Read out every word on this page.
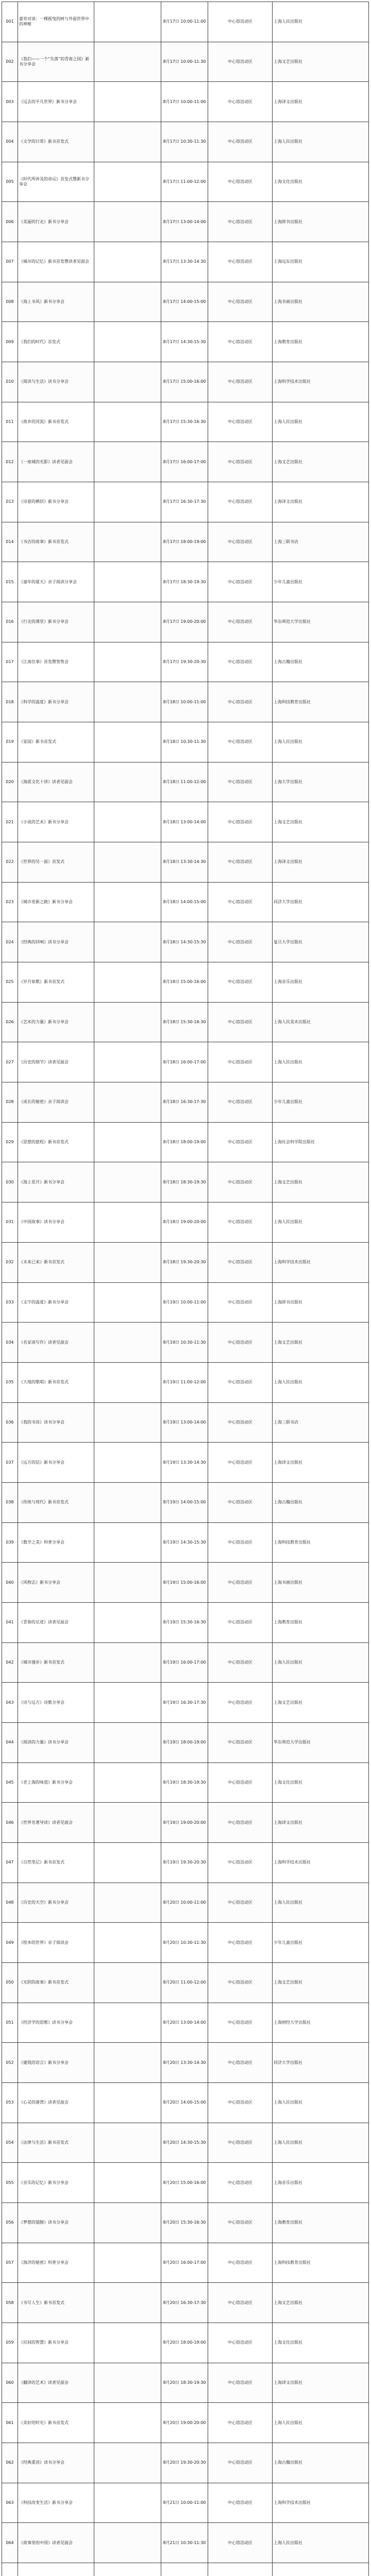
001	嘉宾对谈：一棵摇曳的树与外面世界中的神秘		8月17日 10:00-11:00	中心馆活动区	上海人民出版社
002	《我们——一个“失落”的青春之国》新书分享会		8月17日 10:00-11:30	中心馆活动区	上海文艺出版社
003	《远去的平凡世界》新书分享会		8月17日 10:00-11:00	中心馆活动区	上海译文出版社
004	《文学的日常》新书首发式		8月17日 10:30-11:30	中心馆活动区	上海人民出版社
005	《时代所涉及的命运》首发式暨新书分享会		8月17日 11:00-12:00	中心馆活动区	上海文化出版社
006	《美丽的行走》新书分享会		8月17日 13:00-14:00	中心馆活动区	上海辞书出版社
007	《城市的记忆》新书首发暨读者见面会		8月17日 13:30-14:30	中心馆活动区	上海远东出版社
008	《海上书风》新书分享会		8月17日 14:00-15:00	中心馆活动区	上海书画出版社
009	《我们的时代》首发式		8月17日 14:30-15:30	中心馆活动区	上海教育出版社
010	《阅读与生活》读书分享会		8月17日 15:00-16:00	中心馆活动区	上海科学技术出版社
011	《故乡的河流》新书首发式		8月17日 15:30-16:30	中心馆活动区	上海人民出版社
012	《一座城的光影》读者见面会		8月17日 16:00-17:00	中心馆活动区	上海文艺出版社
013	《诗意的栖居》新书分享会		8月17日 16:30-17:30	中心馆活动区	上海译文出版社
014	《书店的故事》新书首发式		8月17日 18:00-19:00	中心馆活动区	上海三联书店
015	《童年的夏天》亲子阅读分享会		8月17日 18:30-19:30	中心馆活动区	少年儿童出版社
016	《行走的课堂》新书分享会		8月17日 19:00-20:00	中心馆活动区	华东师范大学出版社
017	《江南往事》首发暨签售会		8月17日 19:30-20:30	中心馆活动区	上海古籍出版社
018	《科学的温度》新书分享会		8月18日 10:00-11:00	中心馆活动区	上海科技教育出版社
019	《家园》新书首发式		8月18日 10:30-11:30	中心馆活动区	上海人民出版社
020	《海派文化十讲》读者见面会		8月18日 11:00-12:00	中心馆活动区	上海大学出版社
021	《小说的艺术》新书分享会		8月18日 13:00-14:00	中心馆活动区	上海文艺出版社
022	《世界的另一面》首发式		8月18日 13:30-14:30	中心馆活动区	上海译文出版社
023	《城市更新之路》新书分享会		8月18日 14:00-15:00	中心馆活动区	同济大学出版社
024	《经典的回响》读书分享会		8月18日 14:30-15:30	中心馆活动区	复旦大学出版社
025	《岁月如歌》新书首发式		8月18日 15:00-16:00	中心馆活动区	上海音乐出版社
026	《艺术的力量》新书分享会		8月18日 15:30-16:30	中心馆活动区	上海人民美术出版社
027	《历史的细节》读者见面会		8月18日 16:00-17:00	中心馆活动区	上海人民出版社
028	《成长的秘密》亲子阅读会		8月18日 16:30-17:30	中心馆活动区	少年儿童出版社
029	《思想的旅程》新书首发式		8月18日 18:00-19:00	中心馆活动区	上海社会科学院出版社
030	《海上花开》新书分享会		8月18日 18:30-19:30	中心馆活动区	上海文艺出版社
031	《中国故事》读书分享会		8月18日 19:00-20:00	中心馆活动区	上海人民出版社
032	《未来已来》新书首发式		8月18日 19:30-20:30	中心馆活动区	上海科学技术出版社
033	《文字的温度》新书分享会		8月19日 10:00-11:00	中心馆活动区	上海辞书出版社
034	《名家谈写作》读者见面会		8月19日 10:30-11:30	中心馆活动区	上海文艺出版社
035	《大地的歌唱》新书首发式		8月19日 11:00-12:00	中心馆活动区	上海人民出版社
036	《我的书房》读书分享会		8月19日 13:00-14:00	中心馆活动区	上海三联书店
037	《远方的信》新书分享会		8月19日 13:30-14:30	中心馆活动区	上海译文出版社
038	《传统与现代》新书首发式		8月19日 14:00-15:00	中心馆活动区	上海古籍出版社
039	《数学之美》科普分享会		8月19日 14:30-15:30	中心馆活动区	上海科技教育出版社
040	《风物志》新书分享会		8月19日 15:00-16:00	中心馆活动区	上海书画出版社
041	《青春的足迹》读者见面会		8月19日 15:30-16:30	中心馆活动区	上海教育出版社
042	《城市漫步》新书首发式		8月19日 16:00-17:00	中心馆活动区	上海人民出版社
043	《诗与远方》诗歌分享会		8月19日 16:30-17:30	中心馆活动区	上海文艺出版社
044	《阅读的力量》读书分享会		8月19日 18:00-19:00	中心馆活动区	华东师范大学出版社
045	《老上海的味道》新书分享会		8月19日 18:30-19:30	中心馆活动区	上海文化出版社
046	《世界名著导读》读者见面会		8月19日 19:00-20:00	中心馆活动区	上海译文出版社
047	《自然笔记》新书首发式		8月19日 19:30-20:30	中心馆活动区	上海科学技术出版社
048	《历史的天空》新书分享会		8月20日 10:00-11:00	中心馆活动区	上海人民出版社
049	《绘本的世界》亲子阅读会		8月20日 10:30-11:30	中心馆活动区	少年儿童出版社
050	《光阴的故事》新书首发式		8月20日 11:00-12:00	中心馆活动区	上海文艺出版社
051	《经济学的思维》读书分享会		8月20日 13:00-14:00	中心馆活动区	上海财经大学出版社
052	《建筑的语言》新书分享会		8月20日 13:30-14:30	中心馆活动区	同济大学出版社
053	《心灵的港湾》读者见面会		8月20日 14:00-15:00	中心馆活动区	上海人民出版社
054	《法律与生活》新书首发式		8月20日 14:30-15:30	中心馆活动区	上海人民出版社
055	《音乐的记忆》新书分享会		8月20日 15:00-16:00	中心馆活动区	上海音乐出版社
056	《梦想的翅膀》读书分享会		8月20日 15:30-16:30	中心馆活动区	上海教育出版社
057	《海洋的秘密》科普分享会		8月20日 16:00-17:00	中心馆活动区	上海科技教育出版社
058	《书写人生》新书首发式		8月20日 16:30-17:30	中心馆活动区	上海文艺出版社
059	《民间的智慧》新书分享会		8月20日 18:00-19:00	中心馆活动区	上海文化出版社
060	《翻译的艺术》读者见面会		8月20日 18:30-19:30	中心馆活动区	上海译文出版社
061	《美好的时光》新书首发式		8月20日 19:00-20:00	中心馆活动区	上海人民出版社
062	《经典重读》读书分享会		8月20日 19:30-20:30	中心馆活动区	上海古籍出版社
063	《科技改变生活》新书分享会		8月21日 10:00-11:00	中心馆活动区	上海科学技术出版社
064	《故事里的中国》读者见面会		8月21日 10:30-11:30	中心馆活动区	上海人民出版社
